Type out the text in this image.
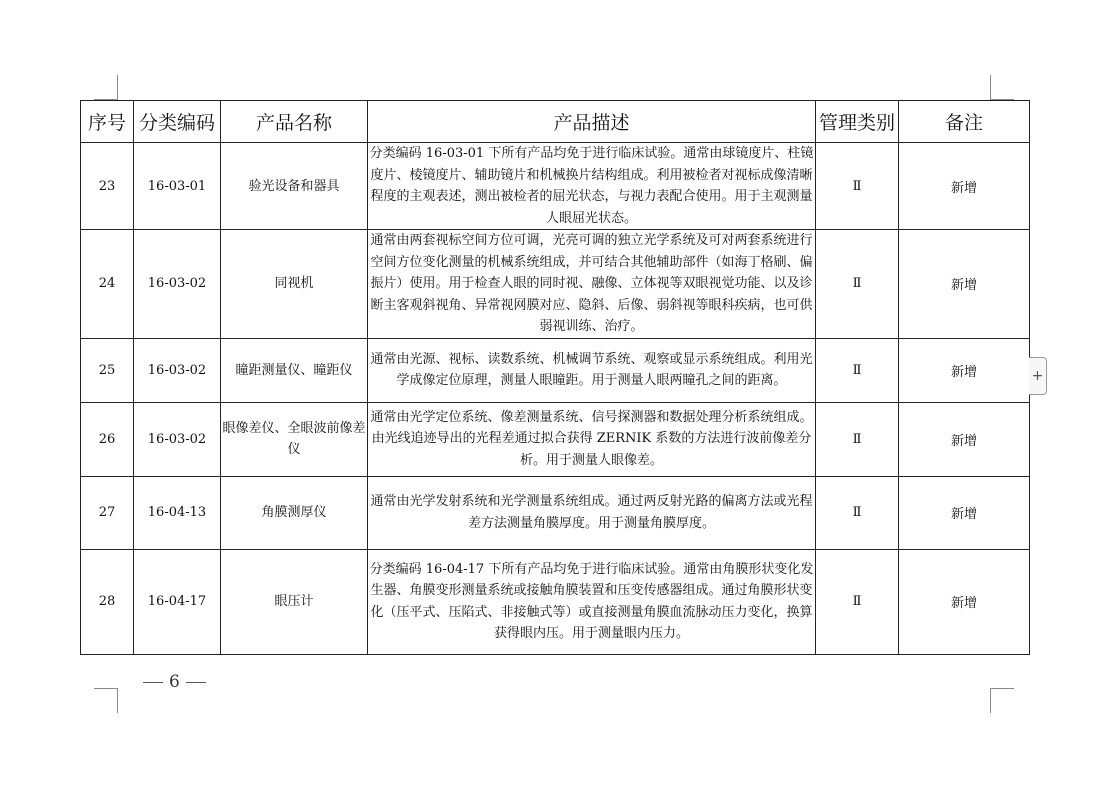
序号	分类编码	产品名称	产品描述	管理类别	备注
23	16-03-01	验光设备和器具	分类编码 16-03-01 下所有产品均免于进行临床试验。通常由球镜度片、柱镜度片、棱镜度片、辅助镜片和机械换片结构组成。利用被检者对视标成像清晰程度的主观表述，测出被检者的屈光状态，与视力表配合使用。用于主观测量人眼屈光状态。	Ⅱ	新增
24	16-03-02	同视机	通常由两套视标空间方位可调，光亮可调的独立光学系统及可对两套系统进行空间方位变化测量的机械系统组成，并可结合其他辅助部件（如海丁格刷、偏振片）使用。用于检查人眼的同时视、融像、立体视等双眼视觉功能、以及诊断主客观斜视角、异常视网膜对应、隐斜、后像、弱斜视等眼科疾病，也可供弱视训练、治疗。	Ⅱ	新增
25	16-03-02	瞳距测量仪、瞳距仪	通常由光源、视标、读数系统、机械调节系统、观察或显示系统组成。利用光学成像定位原理，测量人眼瞳距。用于测量人眼两瞳孔之间的距离。	Ⅱ	新增
26	16-03-02	眼像差仪、全眼波前像差仪	通常由光学定位系统、像差测量系统、信号探测器和数据处理分析系统组成。由光线追迹导出的光程差通过拟合获得 ZERNIK 系数的方法进行波前像差分析。用于测量人眼像差。	Ⅱ	新增
27	16-04-13	角膜测厚仪	通常由光学发射系统和光学测量系统组成。通过两反射光路的偏离方法或光程差方法测量角膜厚度。用于测量角膜厚度。	Ⅱ	新增
28	16-04-17	眼压计	分类编码 16-04-17 下所有产品均免于进行临床试验。通常由角膜形状变化发生器、角膜变形测量系统或接触角膜装置和压变传感器组成。通过角膜形状变化（压平式、压陷式、非接触式等）或直接测量角膜血流脉动压力变化，换算获得眼内压。用于测量眼内压力。	Ⅱ	新增
6
+
